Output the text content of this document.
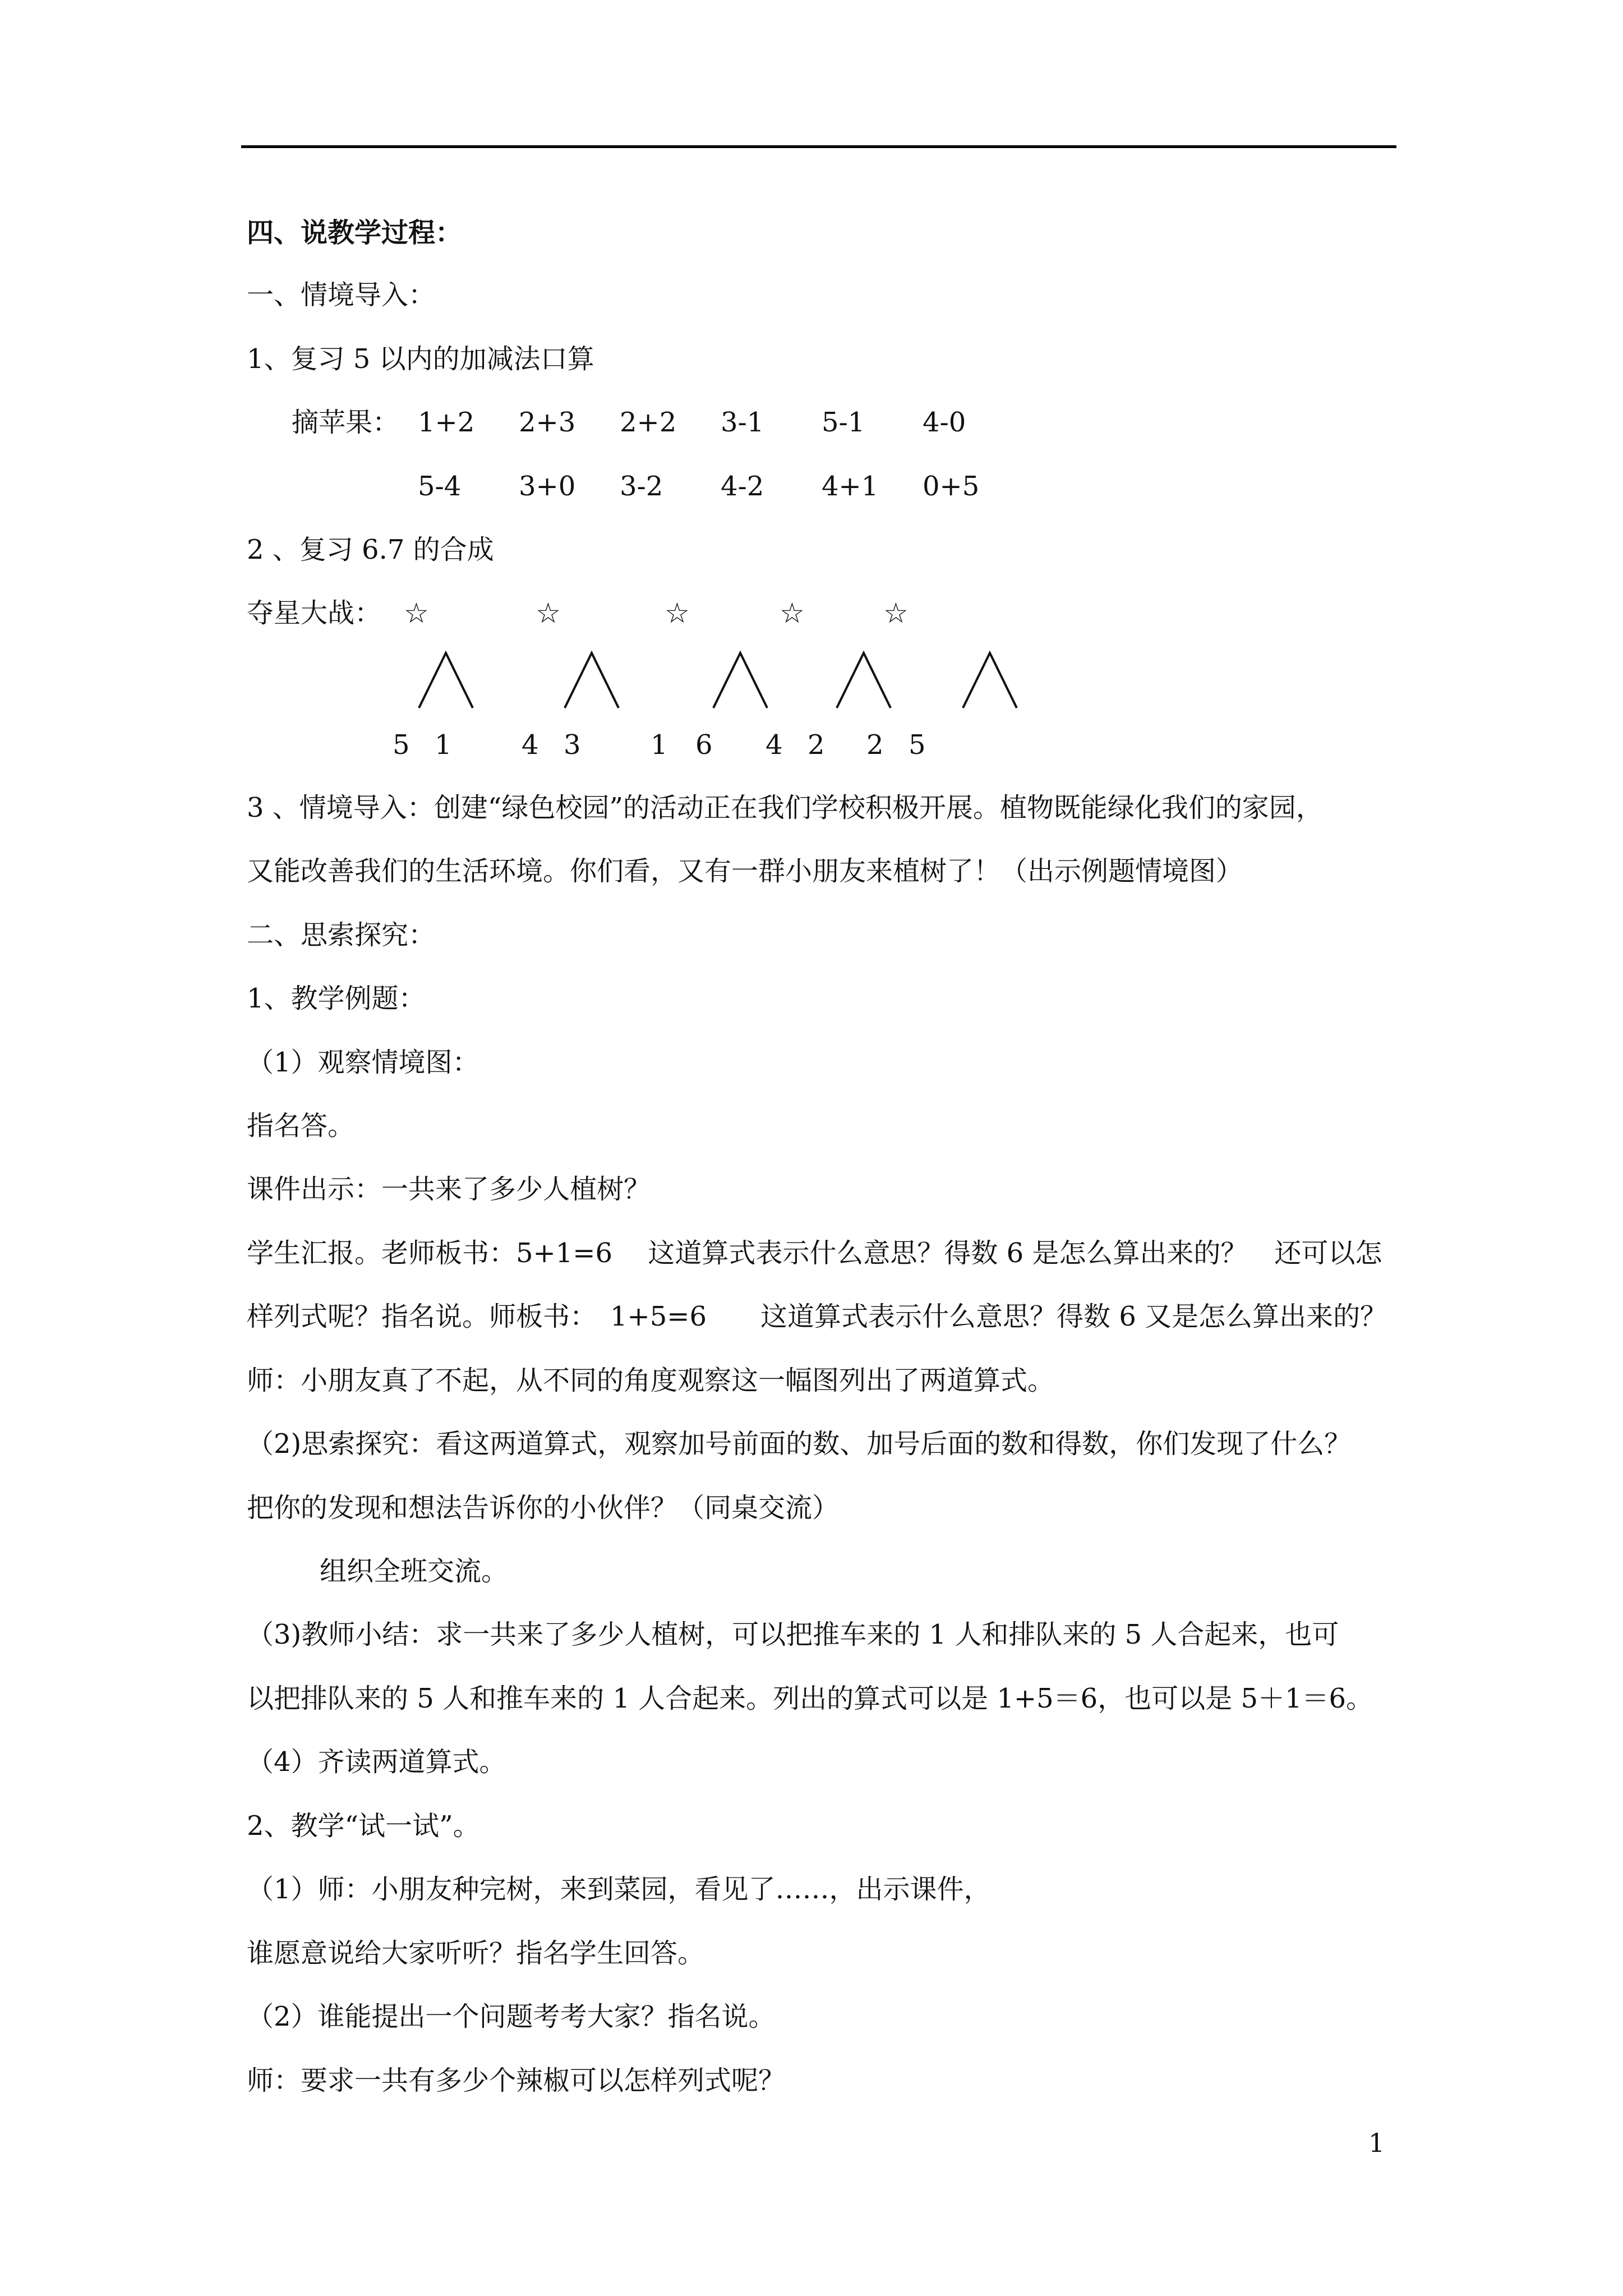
四、说教学过程：
一、情境导入：
1、复习 5 以内的加减法口算
摘苹果： 1+2 2+3 2+2 3-1 5-1 4-0
5-4 3+0 3-2 4-2 4+1 0+5
2 、复习 6.7 的合成
夺星大战： ☆	☆	☆	☆	☆
5 1	4 3	1 6 4 2 2 5
3 、情境导入：创建“绿色校园”的活动正在我们学校积极开展。植物既能绿化我们的家园，
又能改善我们的生活环境。你们看，又有一群小朋友来植树了！（出示例题情境图）
二、思索探究：
1、教学例题：
（1）观察情境图：
指名答。
课件出示：一共来了多少人植树？
学生汇报。老师板书：5+1=6　 这道算式表示什么意思？得数 6 是怎么算出来的？　还可以怎
样列式呢？指名说。师板书：　1+5=6　　这道算式表示什么意思？得数 6 又是怎么算出来的？
师：小朋友真了不起，从不同的角度观察这一幅图列出了两道算式。
（2)思索探究：看这两道算式，观察加号前面的数、加号后面的数和得数，你们发现了什么？
把你的发现和想法告诉你的小伙伴？（同桌交流）
组织全班交流。
（3)教师小结：求一共来了多少人植树，可以把推车来的 1 人和排队来的 5 人合起来，也可
以把排队来的 5 人和推车来的 1 人合起来。列出的算式可以是 1+5＝6，也可以是 5＋1＝6。
（4）齐读两道算式。
2、教学“试一试”。
（1）师：小朋友种完树，来到菜园，看见了……，出示课件，
谁愿意说给大家听听？指名学生回答。
（2）谁能提出一个问题考考大家？指名说。
师：要求一共有多少个辣椒可以怎样列式呢？
1
